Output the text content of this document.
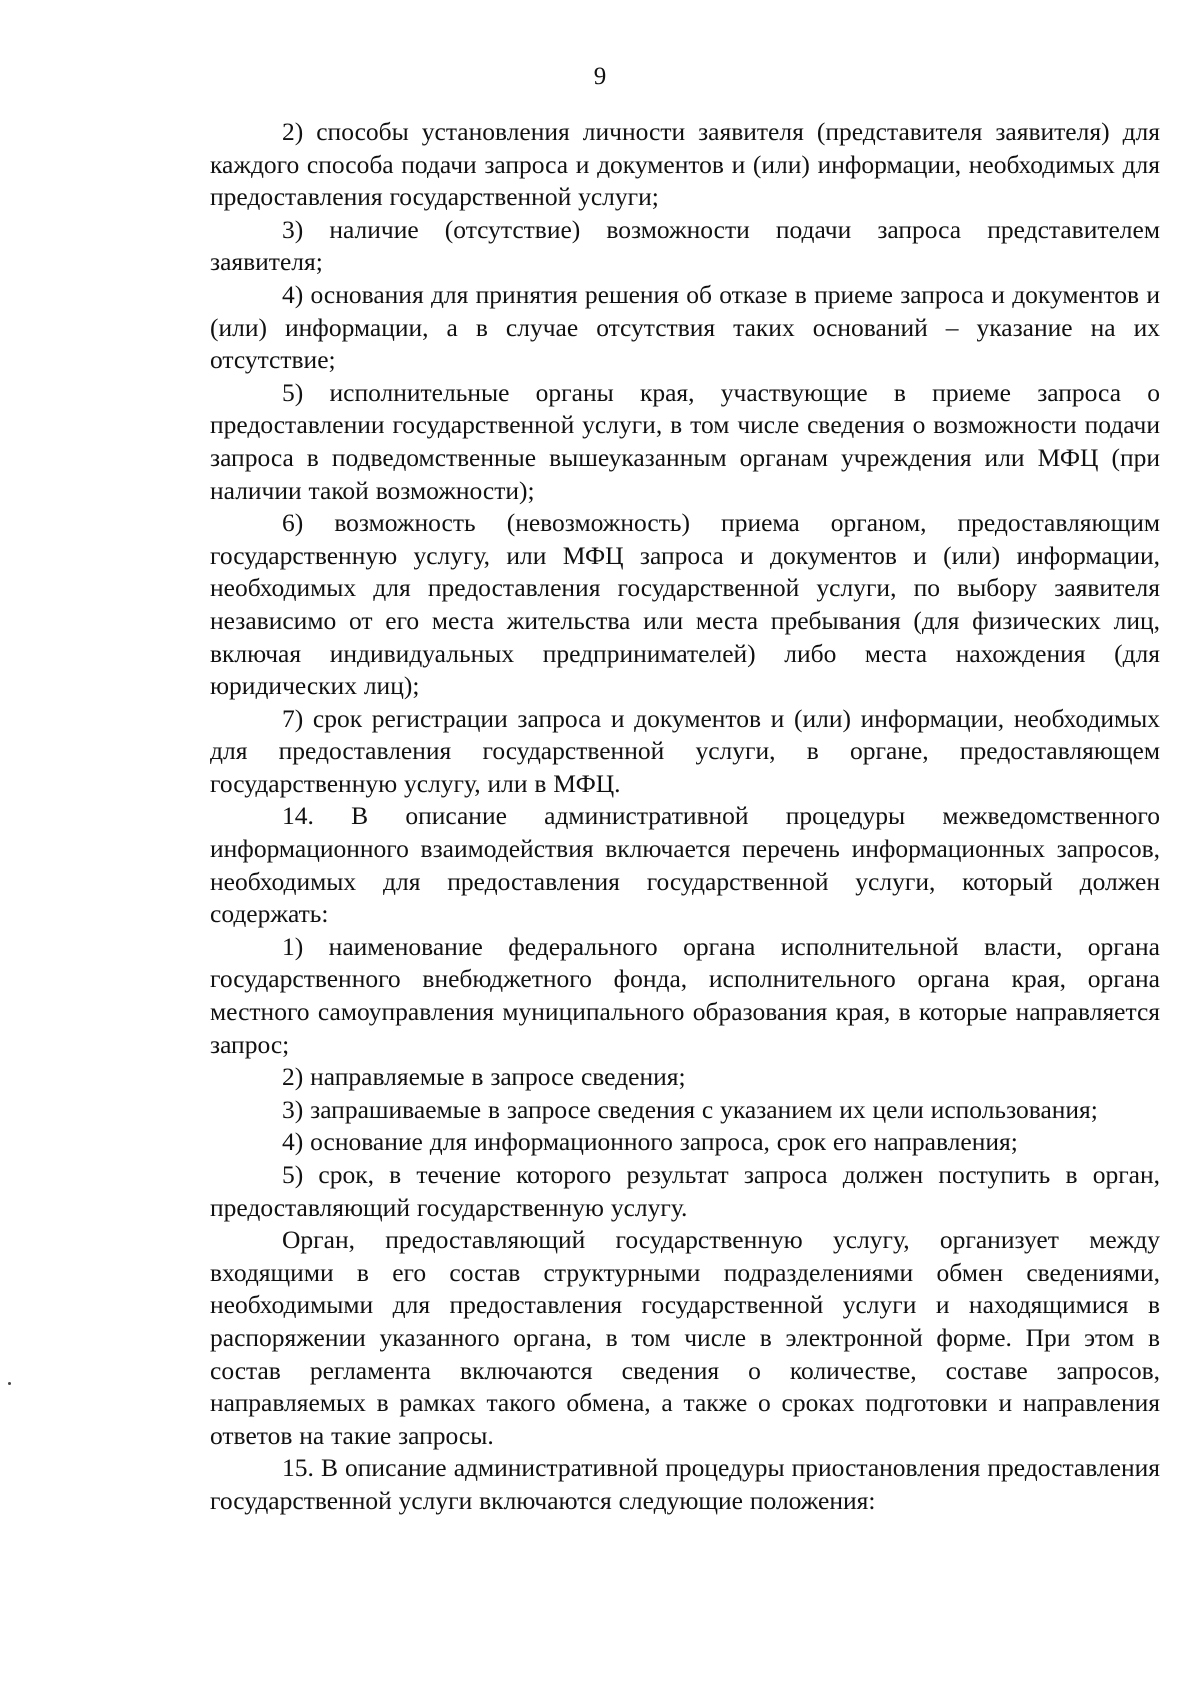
9

2) способы установления личности заявителя (представителя заявителя) для каждого способа подачи запроса и документов и (или) информации, необходимых для предоставления государственной услуги;

3) наличие (отсутствие) возможности подачи запроса представителем заявителя;

4) основания для принятия решения об отказе в приеме запроса и документов и (или) информации, а в случае отсутствия таких оснований – указание на их отсутствие;

5) исполнительные органы края, участвующие в приеме запроса о предоставлении государственной услуги, в том числе сведения о возможности подачи запроса в подведомственные вышеуказанным органам учреждения или МФЦ (при наличии такой возможности);

6) возможность (невозможность) приема органом, предоставляющим государственную услугу, или МФЦ запроса и документов и (или) информации, необходимых для предоставления государственной услуги, по выбору заявителя независимо от его места жительства или места пребывания (для физических лиц, включая индивидуальных предпринимателей) либо места нахождения (для юридических лиц);

7) срок регистрации запроса и документов и (или) информации, необходимых для предоставления государственной услуги, в органе, предоставляющем государственную услугу, или в МФЦ.

14. В описание административной процедуры межведомственного информационного взаимодействия включается перечень информационных запросов, необходимых для предоставления государственной услуги, который должен содержать:

1) наименование федерального органа исполнительной власти, органа государственного внебюджетного фонда, исполнительного органа края, органа местного самоуправления муниципального образования края, в которые направляется запрос;

2) направляемые в запросе сведения;

3) запрашиваемые в запросе сведения с указанием их цели использования;

4) основание для информационного запроса, срок его направления;

5) срок, в течение которого результат запроса должен поступить в орган, предоставляющий государственную услугу.

Орган, предоставляющий государственную услугу, организует между входящими в его состав структурными подразделениями обмен сведениями, необходимыми для предоставления государственной услуги и находящимися в распоряжении указанного органа, в том числе в электронной форме. При этом в состав регламента включаются сведения о количестве, составе запросов, направляемых в рамках такого обмена, а также о сроках подготовки и направления ответов на такие запросы.

15. В описание административной процедуры приостановления предоставления государственной услуги включаются следующие положения:
